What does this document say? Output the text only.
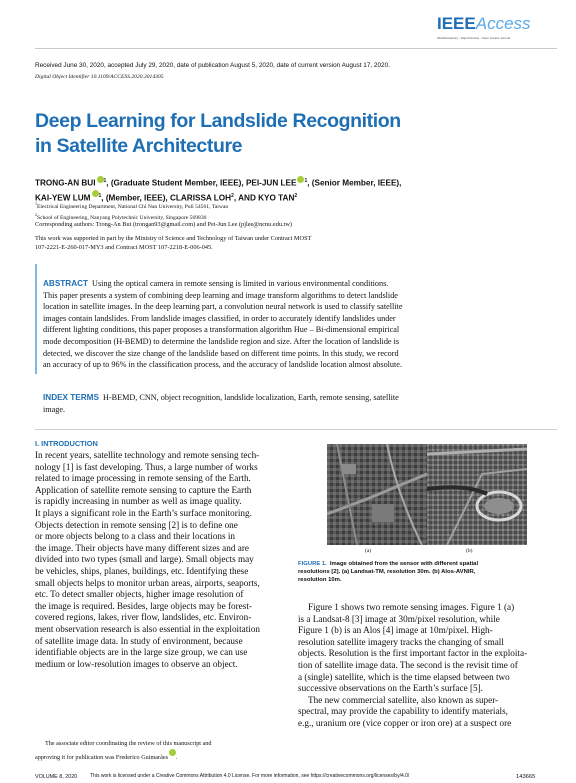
IEEEAccess
Multidisciplinary : Rapid Review : Open Access Journal
Received June 30, 2020, accepted July 29, 2020, date of publication August 5, 2020, date of current version August 17, 2020.
Digital Object Identifier 10.1109/ACCESS.2020.3014305
Deep Learning for Landslide Recognition
in Satellite Architecture
TRONG-AN BUI $^1$, (Graduate Student Member, IEEE), PEI-JUN LEE $^1$, (Senior Member, IEEE),
KAI-YEW LUM $^1$, (Member, IEEE), CLARISSA LOH$^2$, AND KYO TAN$^2$
$^1$Electrical Engineering Department, National Chi Nan University, Puli 54561, Taiwan
$^2$School of Engineering, Nanyang Polytechnic University, Singapore 569830
Corresponding authors: Trong-An Bui (trongan93@gmail.com) and Pei-Jun Lee (pjlee@ncnu.edu.tw)
This work was supported in part by the Ministry of Science and Technology of Taiwan under Contract MOST
107-2221-E-260-017-MY3 and Contract MOST 107-2218-E-006-045.
ABSTRACT Using the optical camera in remote sensing is limited in various environmental conditions.
This paper presents a system of combining deep learning and image transform algorithms to detect landslide
location in satellite images. In the deep learning part, a convolution neural network is used to classify satellite
images contain landslides. From landslide images classified, in order to accurately identify landslides under
different lighting conditions, this paper proposes a transformation algorithm Hue – Bi-dimensional empirical
mode decomposition (H-BEMD) to determine the landslide region and size. After the location of landslide is
detected, we discover the size change of the landslide based on different time points. In this study, we record
an accuracy of up to 96% in the classification process, and the accuracy of landslide location almost absolute.
INDEX TERMS H-BEMD, CNN, object recognition, landslide localization, Earth, remote sensing, satellite
image.
I. INTRODUCTION
In recent years, satellite technology and remote sensing tech-
nology [1] is fast developing. Thus, a large number of works
related to image processing in remote sensing of the Earth.
Application of satellite remote sensing to capture the Earth
is rapidly increasing in number as well as image quality.
It plays a significant role in the Earth’s surface monitoring.
Objects detection in remote sensing [2] is to define one
or more objects belong to a class and their locations in
the image. Their objects have many different sizes and are
divided into two types (small and large). Small objects may
be vehicles, ships, planes, buildings, etc. Identifying these
small objects helps to monitor urban areas, airports, seaports,
etc. To detect smaller objects, higher image resolution of
the image is required. Besides, large objects may be forest-
covered regions, lakes, river flow, landslides, etc. Environ-
ment observation research is also essential in the exploitation
of satellite image data. In study of environment, because
identifiable objects are in the large size group, we can use
medium or low-resolution images to observe an object.
The associate editor coordinating the review of this manuscript and
approving it for publication was Frederico Guimarães .
(a)	(b)
FIGURE 1. Image obtained from the sensor with different spatial
resolutions [2]. (a) Landsat-TM, resolution 30m. (b) Alos-AVNIR,
resolution 10m.
Figure 1 shows two remote sensing images. Figure 1 (a)
is a Landsat-8 [3] image at 30m/pixel resolution, while
Figure 1 (b) is an Alos [4] image at 10m/pixel. High-
resolution satellite imagery tracks the changing of small
objects. Resolution is the first important factor in the exploita-
tion of satellite image data. The second is the revisit time of
a (single) satellite, which is the time elapsed between two
successive observations on the Earth’s surface [5].
The new commercial satellite, also known as super-
spectral, may provide the capability to identify materials,
e.g., uranium ore (vice copper or iron ore) at a suspect ore
VOLUME 8, 2020	This work is licensed under a Creative Commons Attribution 4.0 License. For more information, see https://creativecommons.org/licenses/by/4.0/	143665
